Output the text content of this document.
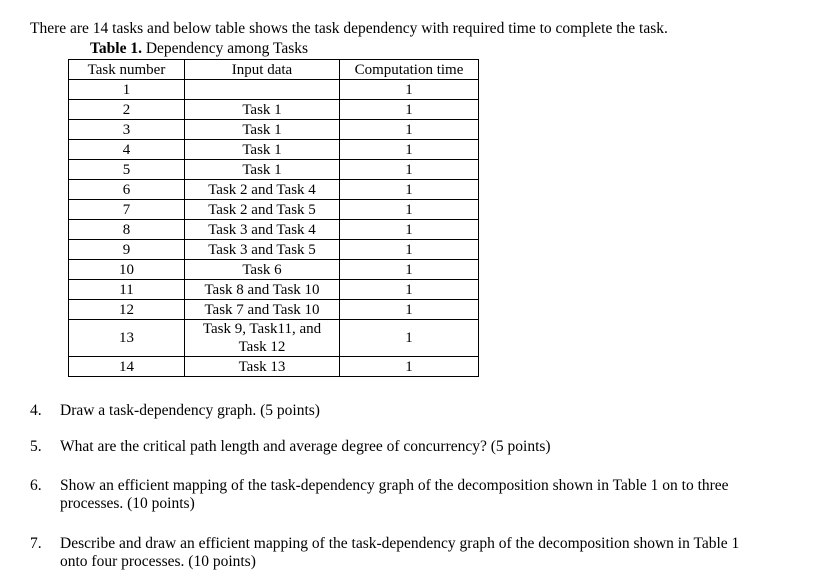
There are 14 tasks and below table shows the task dependency with required time to complete the task.
Table 1. Dependency among Tasks
Task number	Input data	Computation time
1		1
2	Task 1	1
3	Task 1	1
4	Task 1	1
5	Task 1	1
6	Task 2 and Task 4	1
7	Task 2 and Task 5	1
8	Task 3 and Task 4	1
9	Task 3 and Task 5	1
10	Task 6	1
11	Task 8 and Task 10	1
12	Task 7 and Task 10	1
13	Task 9, Task11, and Task 12	1
14	Task 13	1
4.	Draw a task-dependency graph. (5 points)
5.	What are the critical path length and average degree of concurrency? (5 points)
6.	Show an efficient mapping of the task-dependency graph of the decomposition shown in Table 1 on to three processes. (10 points)
7.	Describe and draw an efficient mapping of the task-dependency graph of the decomposition shown in Table 1 onto four processes. (10 points)
